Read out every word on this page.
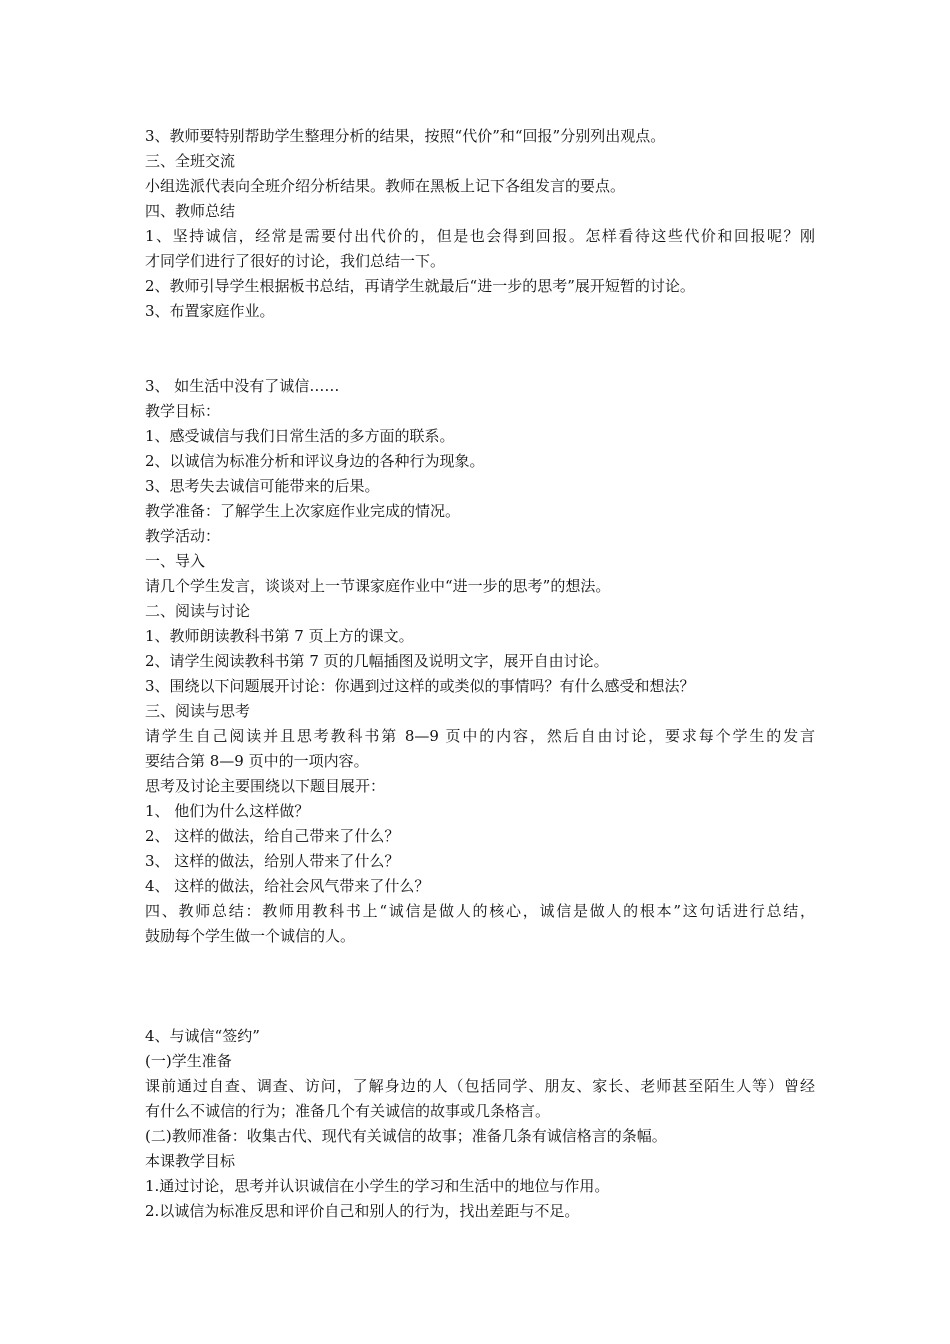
3、教师要特别帮助学生整理分析的结果，按照“代价”和“回报”分别列出观点。
三、全班交流
小组选派代表向全班介绍分析结果。教师在黑板上记下各组发言的要点。
四、教师总结
1、坚持诚信，经常是需要付出代价的，但是也会得到回报。怎样看待这些代价和回报呢？刚
才同学们进行了很好的讨论，我们总结一下。
2、教师引导学生根据板书总结，再请学生就最后“进一步的思考”展开短暂的讨论。
3、布置家庭作业。
3、 如生活中没有了诚信……
教学目标：
1、感受诚信与我们日常生活的多方面的联系。
2、以诚信为标准分析和评议身边的各种行为现象。
3、思考失去诚信可能带来的后果。
教学准备：了解学生上次家庭作业完成的情况。
教学活动：
一、导入
请几个学生发言，谈谈对上一节课家庭作业中“进一步的思考”的想法。
二、阅读与讨论
1、教师朗读教科书第 7 页上方的课文。
2、请学生阅读教科书第 7 页的几幅插图及说明文字，展开自由讨论。
3、围绕以下问题展开讨论：你遇到过这样的或类似的事情吗？有什么感受和想法？
三、阅读与思考
请学生自己阅读并且思考教科书第 8—9 页中的内容，然后自由讨论，要求每个学生的发言
要结合第 8—9 页中的一项内容。
思考及讨论主要围绕以下题目展开：
1、 他们为什么这样做？
2、 这样的做法，给自己带来了什么？
3、 这样的做法，给别人带来了什么？
4、 这样的做法，给社会风气带来了什么？
四、教师总结：教师用教科书上“诚信是做人的核心，诚信是做人的根本”这句话进行总结，
鼓励每个学生做一个诚信的人。
4、与诚信“签约”
(一)学生准备
课前通过自查、调查、访问，了解身边的人（包括同学、朋友、家长、老师甚至陌生人等）曾经
有什么不诚信的行为；准备几个有关诚信的故事或几条格言。
(二)教师准备：收集古代、现代有关诚信的故事；准备几条有诚信格言的条幅。
本课教学目标
1.通过讨论，思考并认识诚信在小学生的学习和生活中的地位与作用。
2.以诚信为标准反思和评价自己和别人的行为，找出差距与不足。
